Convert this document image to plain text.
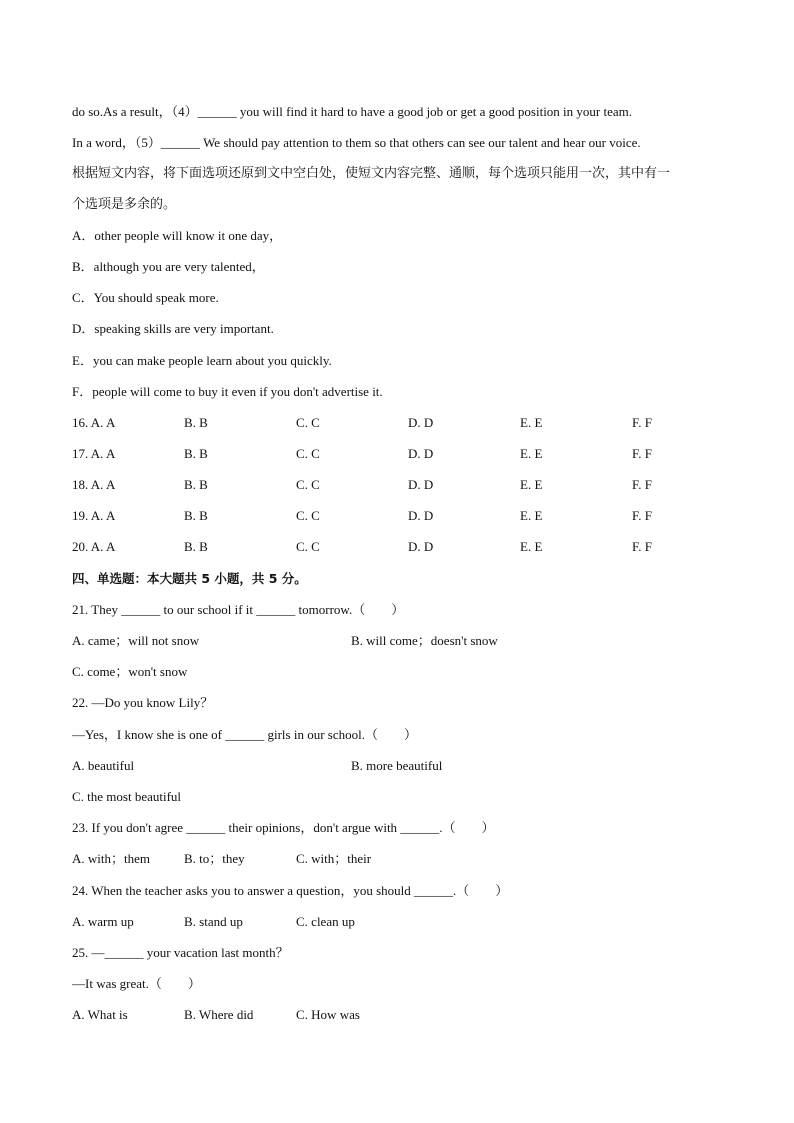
do so.As a result，（4）______ you will find it hard to have a good job or get a good position in your team.
In a word，（5）______ We should pay attention to them so that others can see our talent and hear our voice.
根据短文内容，将下面选项还原到文中空白处，使短文内容完整、通顺，每个选项只能用一次，其中有一
个选项是多余的。
A．other people will know it one day，
B．although you are very talented，
C．You should speak more.
D．speaking skills are very important.
E．you can make people learn about you quickly.
F．people will come to buy it even if you don't advertise it.
16. A. A	B. B	C. C	D. D	E. E	F. F
17. A. A	B. B	C. C	D. D	E. E	F. F
18. A. A	B. B	C. C	D. D	E. E	F. F
19. A. A	B. B	C. C	D. D	E. E	F. F
20. A. A	B. B	C. C	D. D	E. E	F. F
四、单选题：本大题共 5 小题，共 5 分。
21. They ______ to our school if it ______ tomorrow.（　　）
A. came；will not snow	B. will come；doesn't snow
C. come；won't snow
22. —Do you know Lily？
—Yes，I know she is one of ______ girls in our school.（　　）
A. beautiful	B. more beautiful
C. the most beautiful
23. If you don't agree ______ their opinions，don't argue with ______.（　　）
A. with；them	B. to；they	C. with；their
24. When the teacher asks you to answer a question，you should ______.（　　）
A. warm up	B. stand up	C. clean up
25. —______ your vacation last month？
—It was great.（　　）
A. What is	B. Where did	C. How was
